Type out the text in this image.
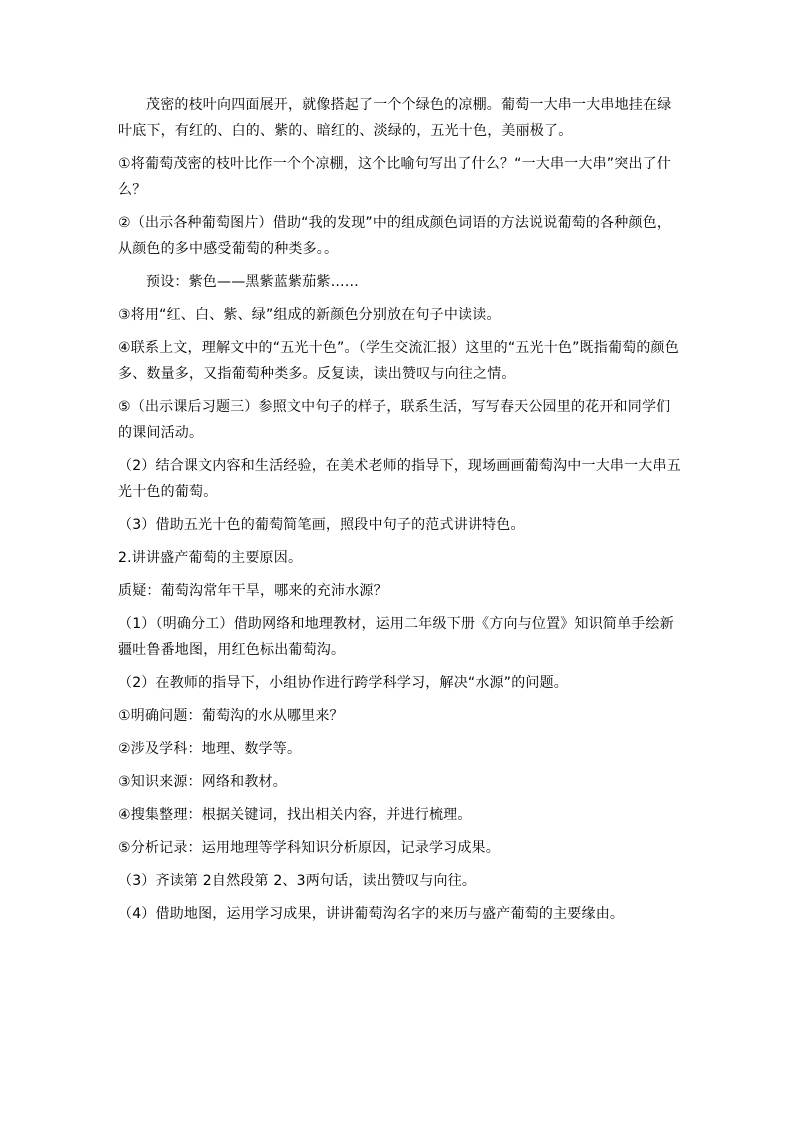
茂密的枝叶向四面展开，就像搭起了一个个绿色的凉棚。葡萄一大串一大串地挂在绿叶底下，有红的、白的、紫的、暗红的、淡绿的，五光十色，美丽极了。

①将葡萄茂密的枝叶比作一个个凉棚，这个比喻句写出了什么？“一大串一大串”突出了什么？

②（出示各种葡萄图片）借助“我的发现”中的组成颜色词语的方法说说葡萄的各种颜色，从颜色的多中感受葡萄的种类多。。

预设：紫色——黑紫蓝紫茄紫……

③将用“红、白、紫、绿”组成的新颜色分别放在句子中读读。

④联系上文，理解文中的“五光十色”。（学生交流汇报）这里的“五光十色”既指葡萄的颜色多、数量多，又指葡萄种类多。反复读，读出赞叹与向往之情。

⑤（出示课后习题三）参照文中句子的样子，联系生活，写写春天公园里的花开和同学们的课间活动。

（2）结合课文内容和生活经验，在美术老师的指导下，现场画画葡萄沟中一大串一大串五光十色的葡萄。

（3）借助五光十色的葡萄简笔画，照段中句子的范式讲讲特色。

2.讲讲盛产葡萄的主要原因。

质疑：葡萄沟常年干旱，哪来的充沛水源？

（1）（明确分工）借助网络和地理教材，运用二年级下册《方向与位置》知识简单手绘新疆吐鲁番地图，用红色标出葡萄沟。

（2）在教师的指导下，小组协作进行跨学科学习，解决“水源”的问题。

①明确问题：葡萄沟的水从哪里来？

②涉及学科：地理、数学等。

③知识来源：网络和教材。

④搜集整理：根据关键词，找出相关内容，并进行梳理。

⑤分析记录：运用地理等学科知识分析原因，记录学习成果。

（3）齐读第 2自然段第 2、3两句话，读出赞叹与向往。

（4）借助地图，运用学习成果，讲讲葡萄沟名字的来历与盛产葡萄的主要缘由。
